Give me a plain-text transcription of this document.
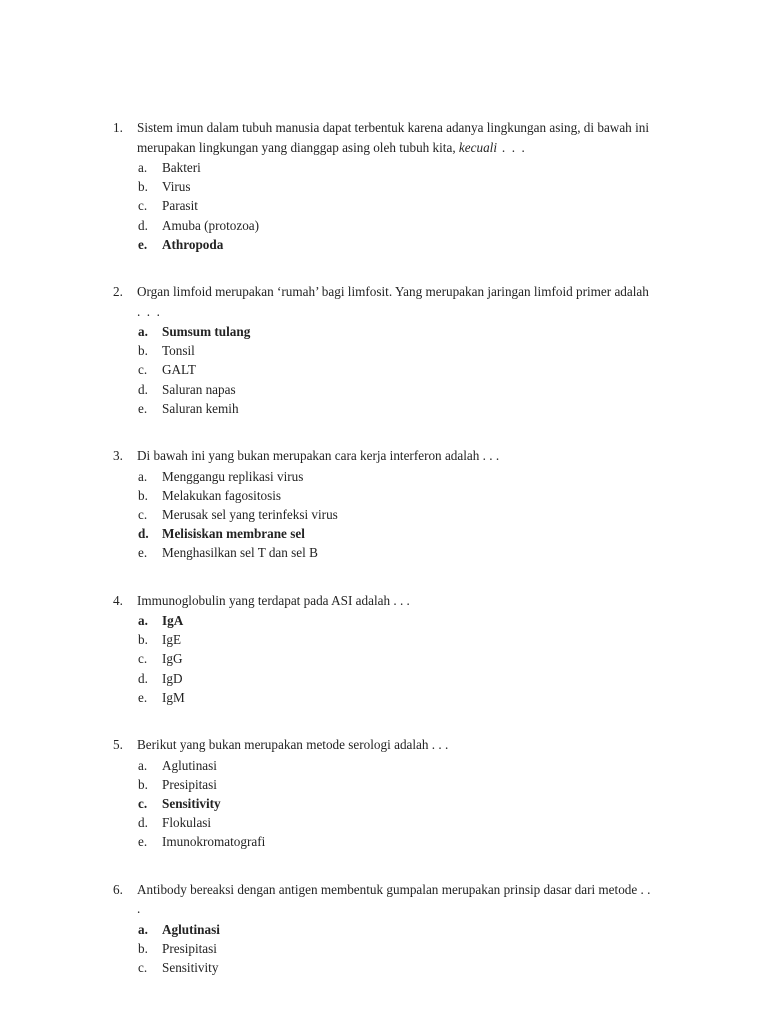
1.	Sistem imun dalam tubuh manusia dapat terbentuk karena adanya lingkungan asing, di bawah ini merupakan lingkungan yang dianggap asing oleh tubuh kita, kecuali . . .
a.	Bakteri
b.	Virus
c.	Parasit
d.	Amuba (protozoa)
e.	Athropoda
2.	Organ limfoid merupakan ‘rumah’ bagi limfosit. Yang merupakan jaringan limfoid primer adalah
. . .
a.	Sumsum tulang
b.	Tonsil
c.	GALT
d.	Saluran napas
e.	Saluran kemih
3.	Di bawah ini yang bukan merupakan cara kerja interferon adalah . . .
a.	Menggangu replikasi virus
b.	Melakukan fagositosis
c.	Merusak sel yang terinfeksi virus
d.	Melisiskan membrane sel
e.	Menghasilkan sel T dan sel B
4.	Immunoglobulin yang terdapat pada ASI adalah . . .
a.	IgA
b.	IgE
c.	IgG
d.	IgD
e.	IgM
5.	Berikut yang bukan merupakan metode serologi adalah . . .
a.	Aglutinasi
b.	Presipitasi
c.	Sensitivity
d.	Flokulasi
e.	Imunokromatografi
6.	Antibody bereaksi dengan antigen membentuk gumpalan merupakan prinsip dasar dari metode . .
.
a.	Aglutinasi
b.	Presipitasi
c.	Sensitivity
